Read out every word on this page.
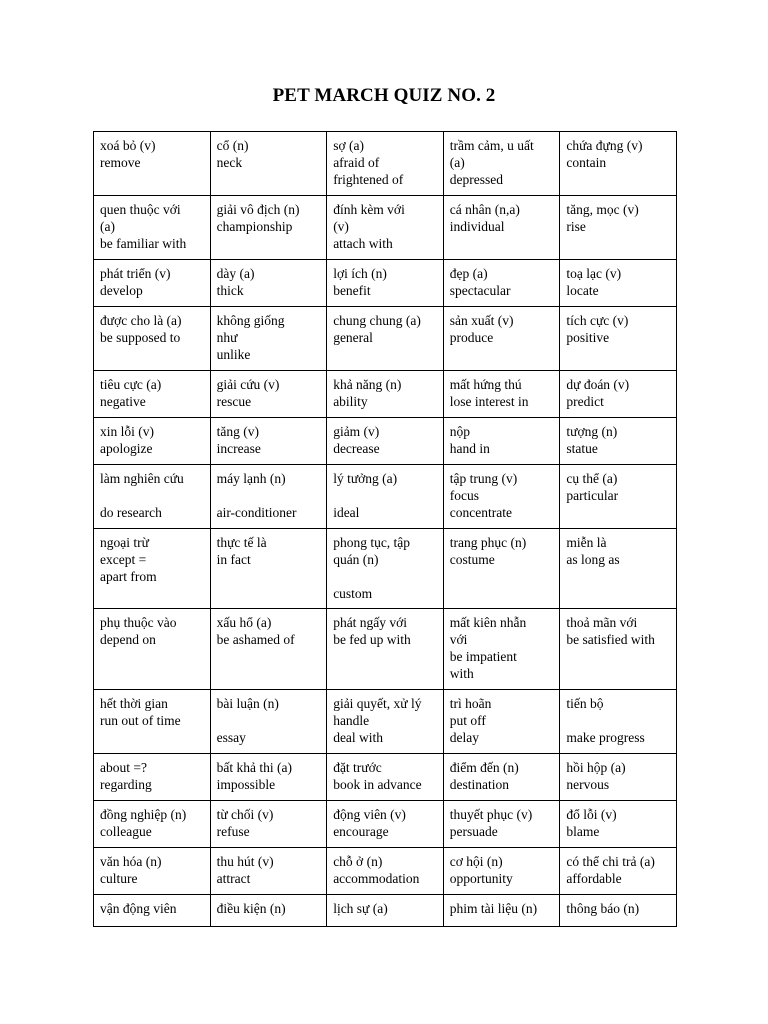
PET MARCH QUIZ NO. 2
xoá bỏ (v)
remove	cổ (n)
neck	sợ (a)
afraid of
frightened of	trầm cảm, u uất
(a)
depressed	chứa đựng (v)
contain

quen thuộc với
(a)
be familiar with	giải vô địch (n)
championship	đính kèm với
(v)
attach with	cá nhân (n,a)
individual	tăng, mọc (v)
rise

phát triển (v)
develop	dày (a)
thick	lợi ích (n)
benefit	đẹp (a)
spectacular	toạ lạc (v)
locate

được cho là (a)
be supposed to	không giống
như
unlike	chung chung (a)
general	sản xuất (v)
produce	tích cực (v)
positive

tiêu cực (a)
negative	giải cứu (v)
rescue	khả năng (n)
ability	mất hứng thú
lose interest in	dự đoán (v)
predict

xin lỗi (v)
apologize	tăng (v)
increase	giảm (v)
decrease	nộp
hand in	tượng (n)
statue

làm nghiên cứu
do research	máy lạnh (n)
air-conditioner	lý tưởng (a)
ideal	tập trung (v)
focus
concentrate	cụ thể (a)
particular

ngoại trừ
except =
apart from	thực tế là
in fact	phong tục, tập
quán (n)
custom	trang phục (n)
costume	miễn là
as long as

phụ thuộc vào
depend on	xấu hổ (a)
be ashamed of	phát ngấy với
be fed up with	mất kiên nhẫn
với
be impatient
with	thoả mãn với
be satisfied with

hết thời gian
run out of time	bài luận (n)
essay	giải quyết, xử lý
handle
deal with	trì hoãn
put off
delay	tiến bộ
make progress

about =?
regarding	bất khả thi (a)
impossible	đặt trước
book in advance	điểm đến (n)
destination	hồi hộp (a)
nervous

đồng nghiệp (n)
colleague	từ chối (v)
refuse	động viên (v)
encourage	thuyết phục (v)
persuade	đổ lỗi (v)
blame

văn hóa (n)
culture	thu hút (v)
attract	chỗ ở (n)
accommodation	cơ hội (n)
opportunity	có thể chi trả (a)
affordable

vận động viên	điều kiện (n)	lịch sự (a)	phim tài liệu (n)	thông báo (n)
